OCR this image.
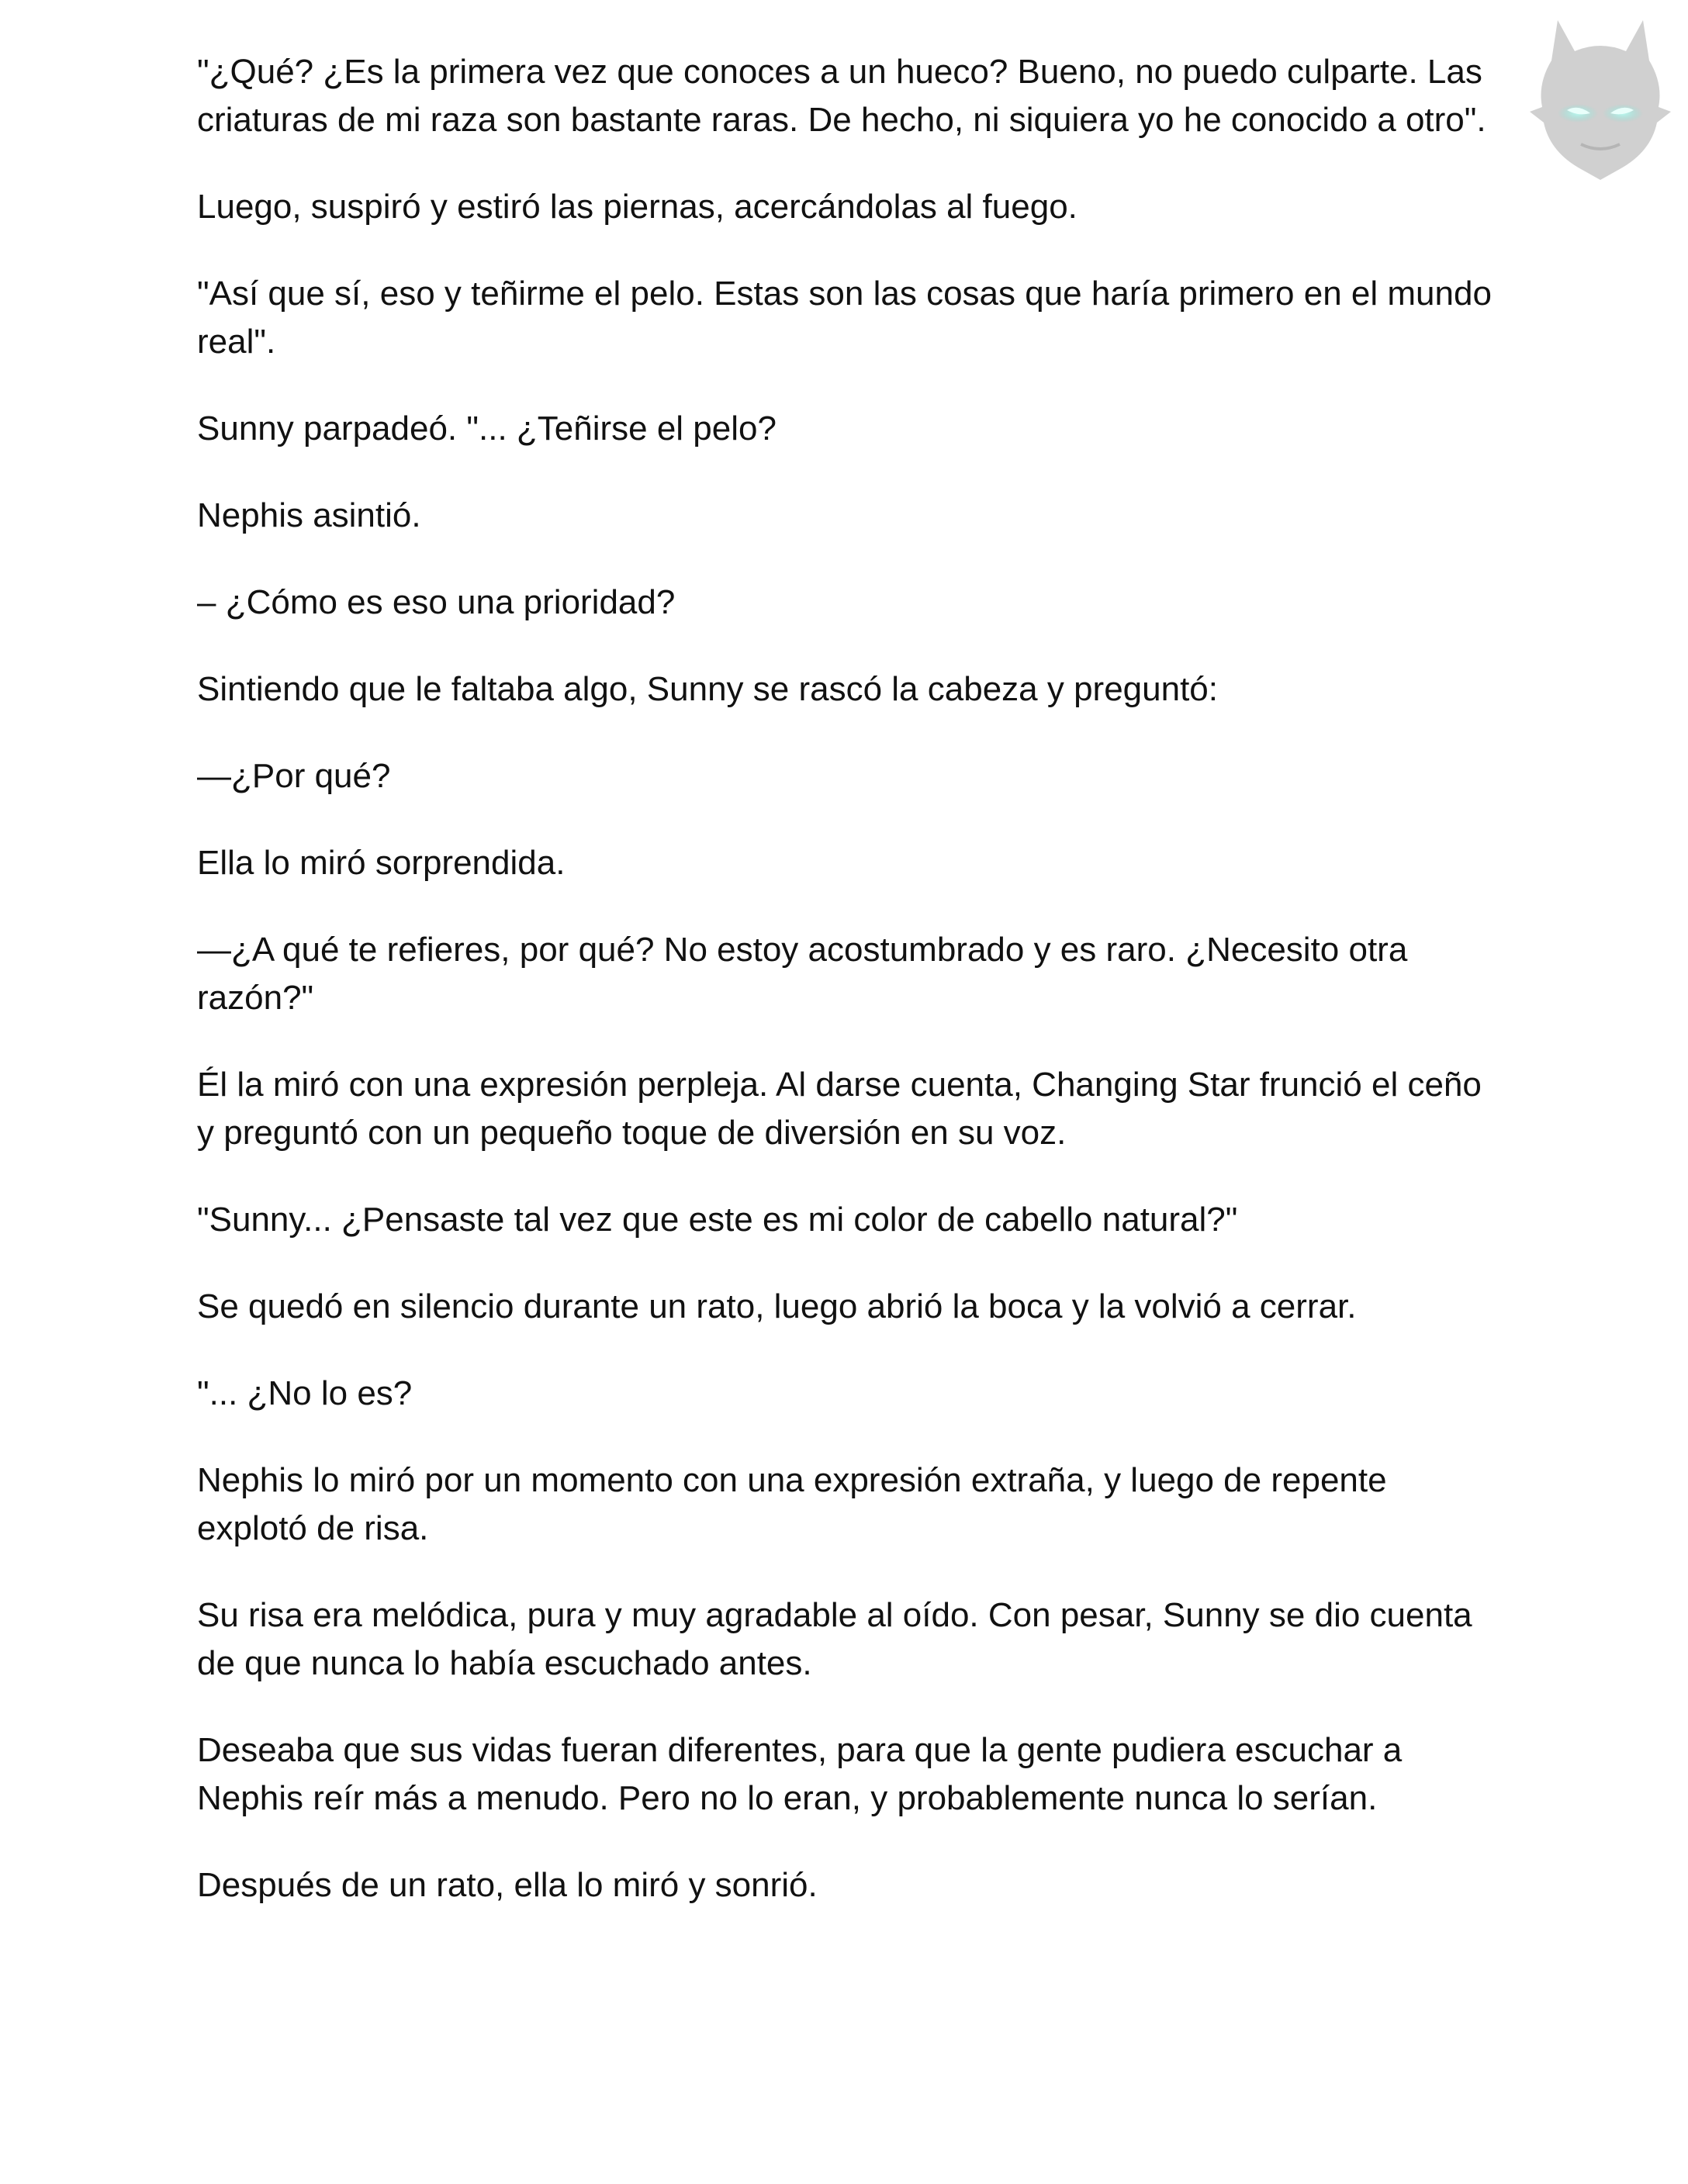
"¿Qué? ¿Es la primera vez que conoces a un hueco? Bueno, no puedo culparte. Las criaturas de mi raza son bastante raras. De hecho, ni siquiera yo he conocido a otro".

Luego, suspiró y estiró las piernas, acercándolas al fuego.

"Así que sí, eso y teñirme el pelo. Estas son las cosas que haría primero en el mundo real".

Sunny parpadeó. "... ¿Teñirse el pelo?

Nephis asintió.

– ¿Cómo es eso una prioridad?

Sintiendo que le faltaba algo, Sunny se rascó la cabeza y preguntó:

—¿Por qué?

Ella lo miró sorprendida.

—¿A qué te refieres, por qué? No estoy acostumbrado y es raro. ¿Necesito otra razón?"

Él la miró con una expresión perpleja. Al darse cuenta, Changing Star frunció el ceño y preguntó con un pequeño toque de diversión en su voz.

"Sunny... ¿Pensaste tal vez que este es mi color de cabello natural?"

Se quedó en silencio durante un rato, luego abrió la boca y la volvió a cerrar.

"... ¿No lo es?

Nephis lo miró por un momento con una expresión extraña, y luego de repente explotó de risa.

Su risa era melódica, pura y muy agradable al oído. Con pesar, Sunny se dio cuenta de que nunca lo había escuchado antes.

Deseaba que sus vidas fueran diferentes, para que la gente pudiera escuchar a Nephis reír más a menudo. Pero no lo eran, y probablemente nunca lo serían.

Después de un rato, ella lo miró y sonrió.
